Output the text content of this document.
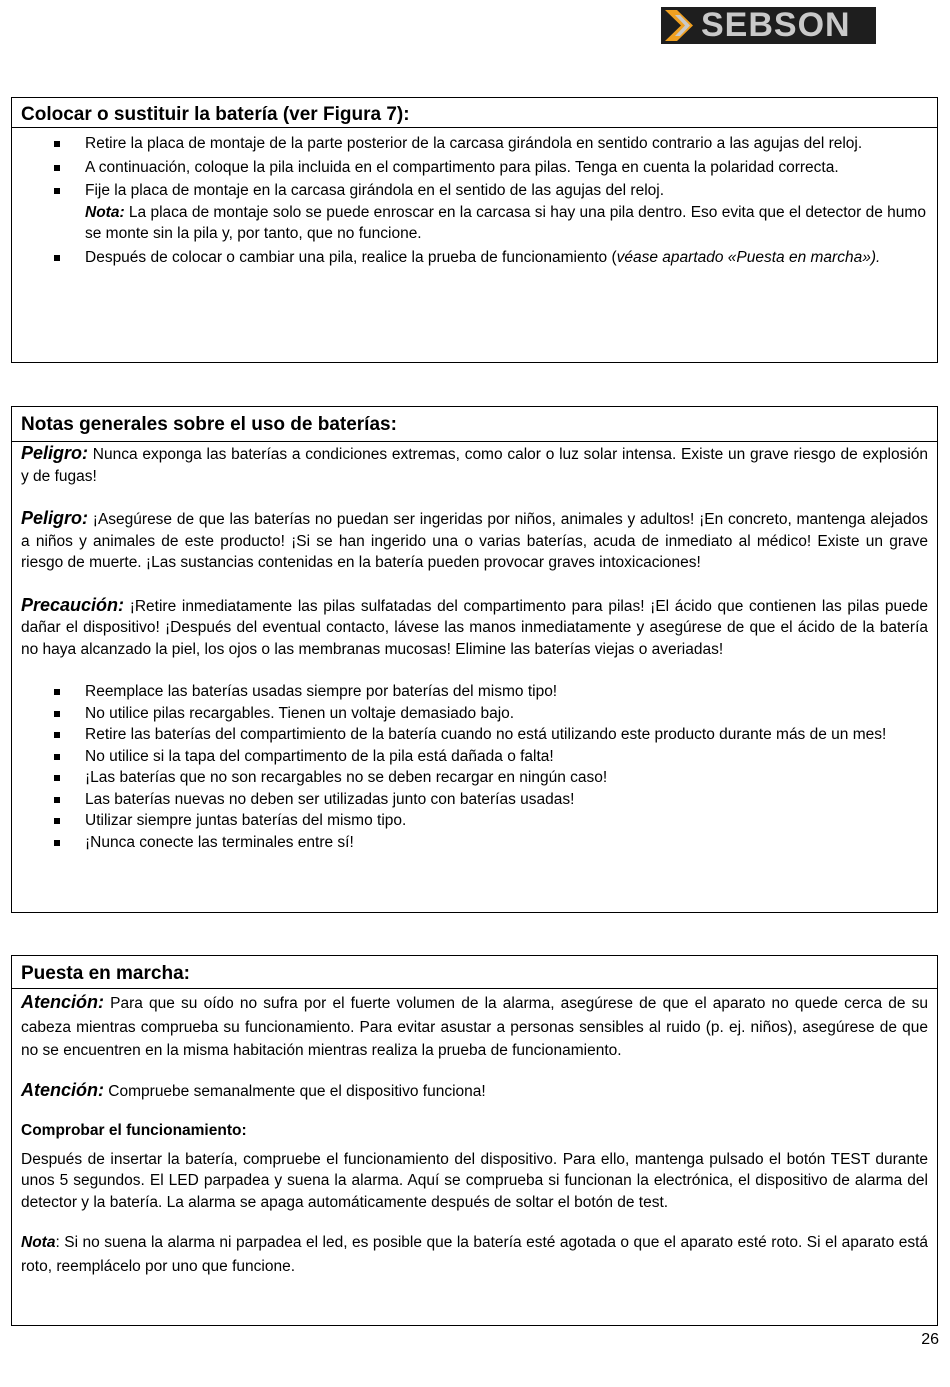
SEBSON
Colocar o sustituir la batería (ver Figura 7):
Retire la placa de montaje de la parte posterior de la carcasa girándola en sentido contrario a las agujas del reloj.
A continuación, coloque la pila incluida en el compartimento para pilas. Tenga en cuenta la polaridad correcta.
Fije la placa de montaje en la carcasa girándola en el sentido de las agujas del reloj.
Nota: La placa de montaje solo se puede enroscar en la carcasa si hay una pila dentro. Eso evita que el detector de humo se monte sin la pila y, por tanto, que no funcione.
Después de colocar o cambiar una pila, realice la prueba de funcionamiento (véase apartado «Puesta en marcha»).
Notas generales sobre el uso de baterías:
Peligro: Nunca exponga las baterías a condiciones extremas, como calor o luz solar intensa. Existe un grave riesgo de explosión y de fugas!
Peligro: ¡Asegúrese de que las baterías no puedan ser ingeridas por niños, animales y adultos! ¡En concreto, mantenga alejados a niños y animales de este producto! ¡Si se han ingerido una o varias baterías, acuda de inmediato al médico! Existe un grave riesgo de muerte. ¡Las sustancias contenidas en la batería pueden provocar graves intoxicaciones!
Precaución: ¡Retire inmediatamente las pilas sulfatadas del compartimento para pilas! ¡El ácido que contienen las pilas puede dañar el dispositivo! ¡Después del eventual contacto, lávese las manos inmediatamente y asegúrese de que el ácido de la batería no haya alcanzado la piel, los ojos o las membranas mucosas! Elimine las baterías viejas o averiadas!
Reemplace las baterías usadas siempre por baterías del mismo tipo!
No utilice pilas recargables. Tienen un voltaje demasiado bajo.
Retire las baterías del compartimiento de la batería cuando no está utilizando este producto durante más de un mes!
No utilice si la tapa del compartimento de la pila está dañada o falta!
¡Las baterías que no son recargables no se deben recargar en ningún caso!
Las baterías nuevas no deben ser utilizadas junto con baterías usadas!
Utilizar siempre juntas baterías del mismo tipo.
¡Nunca conecte las terminales entre sí!
Puesta en marcha:
Atención: Para que su oído no sufra por el fuerte volumen de la alarma, asegúrese de que el aparato no quede cerca de su cabeza mientras comprueba su funcionamiento. Para evitar asustar a personas sensibles al ruido (p. ej. niños), asegúrese de que no se encuentren en la misma habitación mientras realiza la prueba de funcionamiento.
Atención: Compruebe semanalmente que el dispositivo funciona!
Comprobar el funcionamiento:
Después de insertar la batería, compruebe el funcionamiento del dispositivo. Para ello, mantenga pulsado el botón TEST durante unos 5 segundos. El LED parpadea y suena la alarma. Aquí se comprueba si funcionan la electrónica, el dispositivo de alarma del detector y la batería. La alarma se apaga automáticamente después de soltar el botón de test.
Nota: Si no suena la alarma ni parpadea el led, es posible que la batería esté agotada o que el aparato esté roto. Si el aparato está roto, reemplácelo por uno que funcione.
26
